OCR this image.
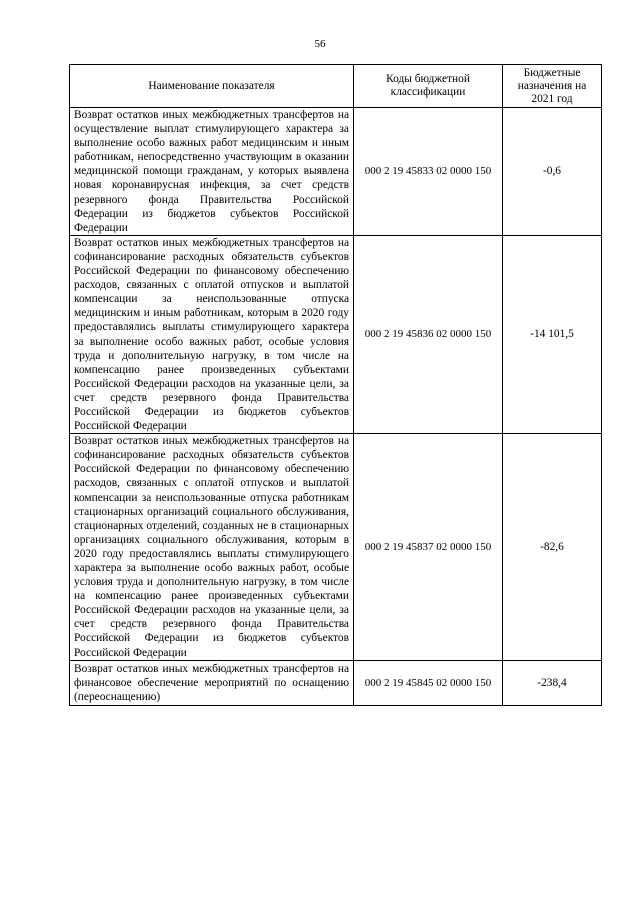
56
Наименование показателя	Коды бюджетной классификации	Бюджетные назначения на 2021 год
Возврат остатков иных межбюджетных трансфертов на осуществление выплат стимулирующего характера за выполнение особо важных работ медицинским и иным работникам, непосредственно участвующим в оказании медицинской помощи гражданам, у которых выявлена новая коронавирусная инфекция, за счет средств резервного фонда Правительства Российской Федерации из бюджетов субъектов Российской Федерации	000 2 19 45833 02 0000 150	-0,6
Возврат остатков иных межбюджетных трансфертов на софинансирование расходных обязательств субъектов Российской Федерации по финансовому обеспечению расходов, связанных с оплатой отпусков и выплатой компенсации за неиспользованные отпуска медицинским и иным работникам, которым в 2020 году предоставлялись выплаты стимулирующего характера за выполнение особо важных работ, особые условия труда и дополнительную нагрузку, в том числе на компенсацию ранее произведенных субъектами Российской Федерации расходов на указанные цели, за счет средств резервного фонда Правительства Российской Федерации из бюджетов субъектов Российской Федерации	000 2 19 45836 02 0000 150	-14 101,5
Возврат остатков иных межбюджетных трансфертов на софинансирование расходных обязательств субъектов Российской Федерации по финансовому обеспечению расходов, связанных с оплатой отпусков и выплатой компенсации за неиспользованные отпуска работникам стационарных организаций социального обслуживания, стационарных отделений, созданных не в стационарных организациях социального обслуживания, которым в 2020 году предоставлялись выплаты стимулирующего характера за выполнение особо важных работ, особые условия труда и дополнительную нагрузку, в том числе на компенсацию ранее произведенных субъектами Российской Федерации расходов на указанные цели, за счет средств резервного фонда Правительства Российской Федерации из бюджетов субъектов Российской Федерации	000 2 19 45837 02 0000 150	-82,6

Возврат остатков иных межбюджетных трансфертов на финансовое обеспечение мероприятий по оснащению (переоснащению)	000 2 19 45845 02 0000 150	-238,4
